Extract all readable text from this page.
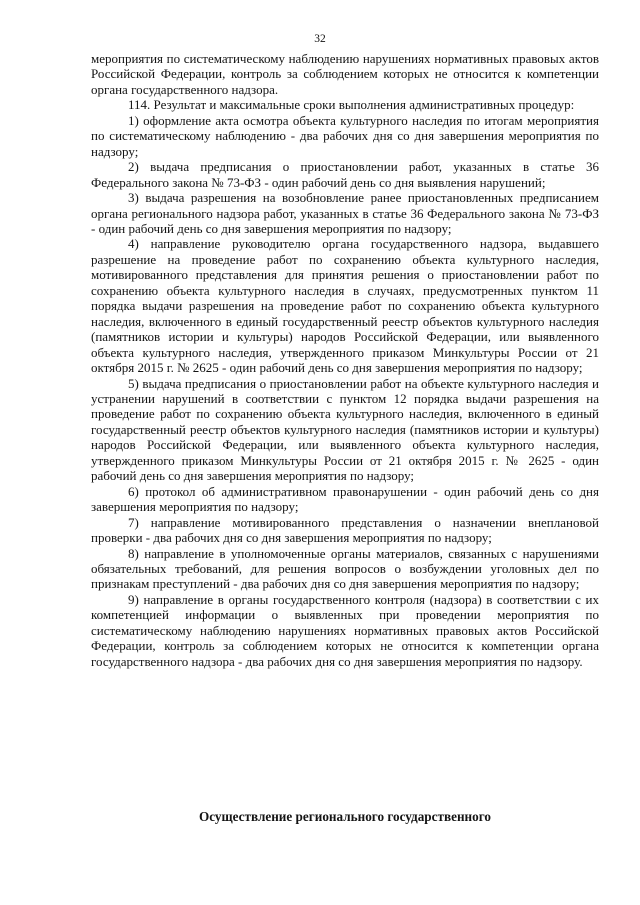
32

мероприятия по систематическому наблюдению нарушениях нормативных правовых актов Российской Федерации, контроль за соблюдением которых не относится к компетенции органа государственного надзора.

114. Результат и максимальные сроки выполнения административных процедур:

1) оформление акта осмотра объекта культурного наследия по итогам мероприятия по систематическому наблюдению - два рабочих дня со дня завершения мероприятия по надзору;

2) выдача предписания о приостановлении работ, указанных в статье 36 Федерального закона № 73-ФЗ - один рабочий день со дня выявления нарушений;

3) выдача разрешения на возобновление ранее приостановленных предписанием органа регионального надзора работ, указанных в статье 36 Федерального закона № 73-ФЗ - один рабочий день со дня завершения мероприятия по надзору;

4) направление руководителю органа государственного надзора, выдавшего разрешение на проведение работ по сохранению объекта культурного наследия, мотивированного представления для принятия решения о приостановлении работ по сохранению объекта культурного наследия в случаях, предусмотренных пунктом 11 порядка выдачи разрешения на проведение работ по сохранению объекта культурного наследия, включенного в единый государственный реестр объектов культурного наследия (памятников истории и культуры) народов Российской Федерации, или выявленного объекта культурного наследия, утвержденного приказом Минкультуры России от 21 октября 2015 г. № 2625 - один рабочий день со дня завершения мероприятия по надзору;

5) выдача предписания о приостановлении работ на объекте культурного наследия и устранении нарушений в соответствии с пунктом 12 порядка выдачи разрешения на проведение работ по сохранению объекта культурного наследия, включенного в единый государственный реестр объектов культурного наследия (памятников истории и культуры) народов Российской Федерации, или выявленного объекта культурного наследия, утвержденного приказом Минкультуры России от 21 октября 2015 г. № 2625 - один рабочий день со дня завершения мероприятия по надзору;

6) протокол об административном правонарушении - один рабочий день со дня завершения мероприятия по надзору;

7) направление мотивированного представления о назначении внеплановой проверки - два рабочих дня со дня завершения мероприятия по надзору;

8) направление в уполномоченные органы материалов, связанных с нарушениями обязательных требований, для решения вопросов о возбуждении уголовных дел по признакам преступлений - два рабочих дня со дня завершения мероприятия по надзору;

9) направление в органы государственного контроля (надзора) в соответствии с их компетенцией информации о выявленных при проведении мероприятия по систематическому наблюдению нарушениях нормативных правовых актов Российской Федерации, контроль за соблюдением которых не относится к компетенции органа государственного надзора - два рабочих дня со дня завершения мероприятия по надзору.

Осуществление регионального государственного
